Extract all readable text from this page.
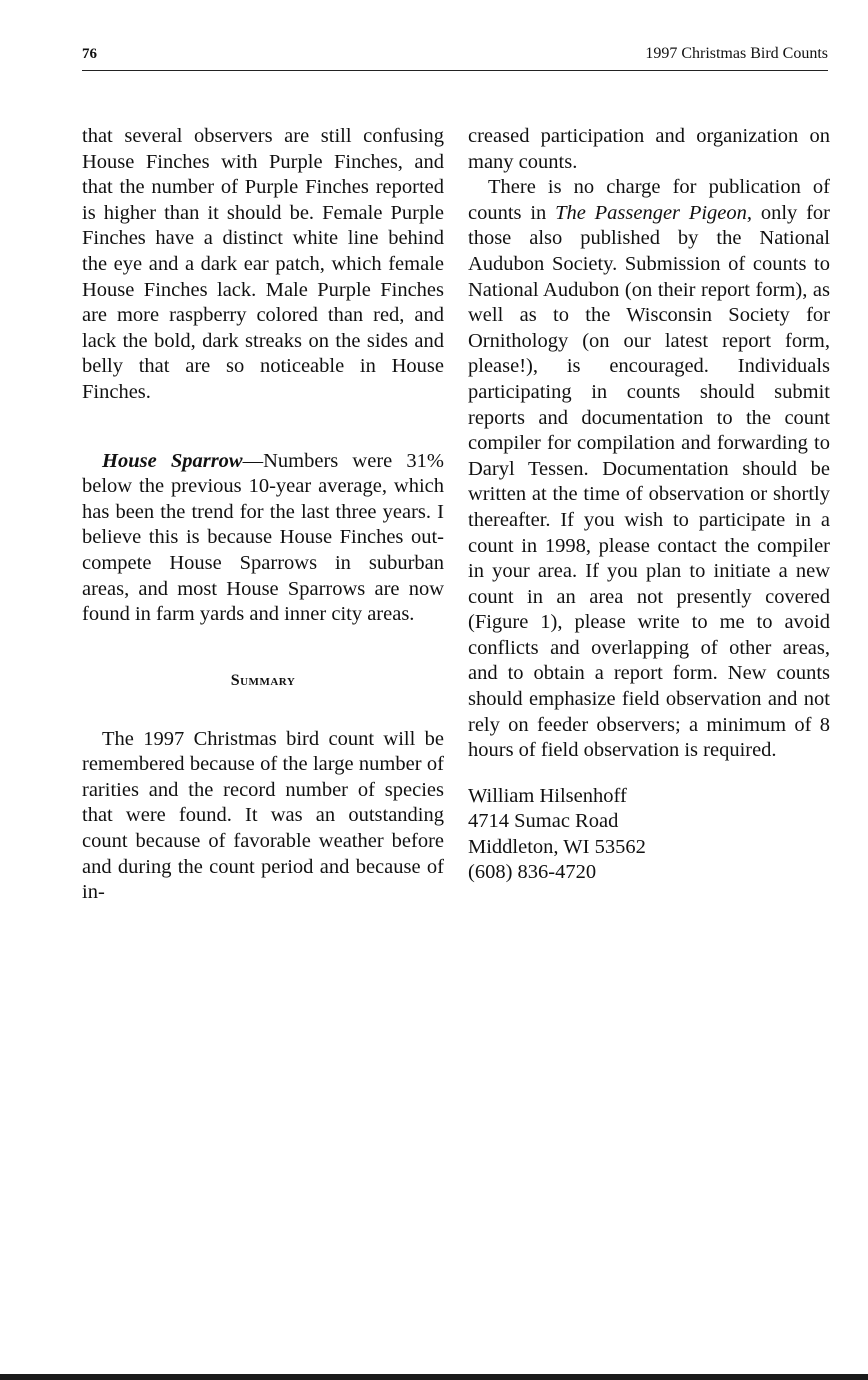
76	1997 Christmas Bird Counts

that several observers are still confusing House Finches with Purple Finches, and that the number of Purple Finches reported is higher than it should be. Female Purple Finches have a distinct white line behind the eye and a dark ear patch, which female House Finches lack. Male Purple Finches are more raspberry colored than red, and lack the bold, dark streaks on the sides and belly that are so noticeable in House Finches.

House Sparrow—Numbers were 31% below the previous 10-year average, which has been the trend for the last three years. I believe this is because House Finches out-compete House Sparrows in suburban areas, and most House Sparrows are now found in farm yards and inner city areas.

Summary

The 1997 Christmas bird count will be remembered because of the large number of rarities and the record number of species that were found. It was an outstanding count because of favorable weather before and during the count period and because of in-

creased participation and organization on many counts.

There is no charge for publication of counts in The Passenger Pigeon, only for those also published by the National Audubon Society. Submission of counts to National Audubon (on their report form), as well as to the Wisconsin Society for Ornithology (on our latest report form, please!), is encouraged. Individuals participating in counts should submit reports and documentation to the count compiler for compilation and forwarding to Daryl Tessen. Documentation should be written at the time of observation or shortly thereafter. If you wish to participate in a count in 1998, please contact the compiler in your area. If you plan to initiate a new count in an area not presently covered (Figure 1), please write to me to avoid conflicts and overlapping of other areas, and to obtain a report form. New counts should emphasize field observation and not rely on feeder observers; a minimum of 8 hours of field observation is required.

William Hilsenhoff
4714 Sumac Road
Middleton, WI 53562
(608) 836-4720
